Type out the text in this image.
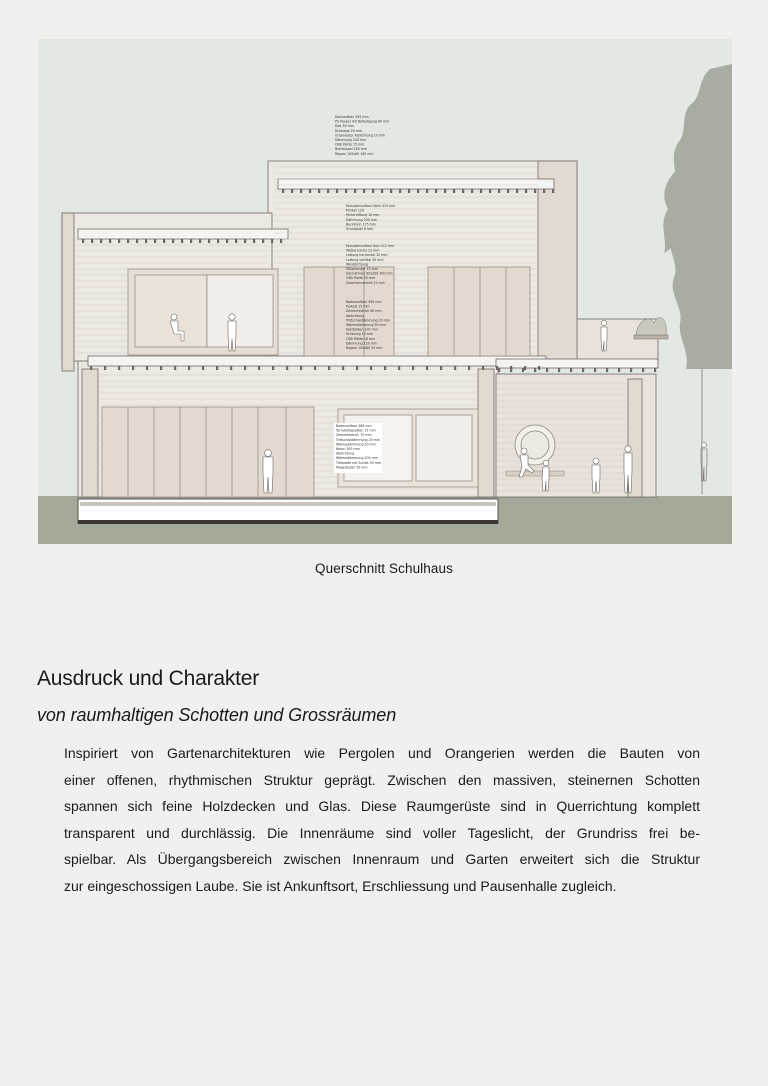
Dachaufbau 555 mm
PV Paneel mit Befestigung 60 mm
Kies 50 mm
Drainage 20 mm
Urbanisator Abdichtung 10 mm
Dämmung 240 mm
OSB Platte 15 mm
Brettstapel 160 mm
Rippen 100x80 160 mm
Fassadenaufbau Stein 515 mm
Klinker 120
Hinterlüftung 10 mm
Dämmung 200 mm
Backstein 175 mm
Grundputz 8 mm
Fassadenaufbau Holz 412 mm
Wetterschutz 21 mm
Lattung horizontal 30 mm
Lattung vertikal 30 mm
Winddichtung
Stülpfenster 15 mm
Holzrahmen 60x200 200 mm
OSB Platte 15 mm
Zwischenschicht 21 mm
Bodenaufbau 490 mm
Parkett 15 mm
Zementestrich 80 mm
Abdichtung
Trittschalldämmung 20 mm
Wärmedämmung 50 mm
Holzbalken 100 mm
Schalung 15 mm
OSB Platte 18 mm
Dämmung 120 mm
Rippen 100x80 50 mm
Bodenaufbau 468 mm
Terrakottaplatten 15 mm
Zementestrich 70 mm
Trittschalldämmung 20 mm
Wärmedämmung 20 mm
Beton 300 mm
Abdichtung
Wärmedämmung 200 mm
Tiefplatte mit Schott 50 mm
Magerbeton 50 mm
Querschnitt Schulhaus
Ausdruck und Charakter
von raumhaltigen Schotten und Grossräumen
Inspiriert von Gartenarchitekturen wie Pergolen und Orangerien werden die Bauten von
einer offenen, rhythmischen Struktur geprägt. Zwischen den massiven, steinernen Schotten
spannen sich feine Holzdecken und Glas. Diese Raumgerüste sind in Querrichtung komplett
transparent und durchlässig. Die Innenräume sind voller Tageslicht, der Grundriss frei be-
spielbar. Als Übergangsbereich zwischen Innenraum und Garten erweitert sich die Struktur
zur eingeschossigen Laube. Sie ist Ankunftsort, Erschliessung und Pausenhalle zugleich.
